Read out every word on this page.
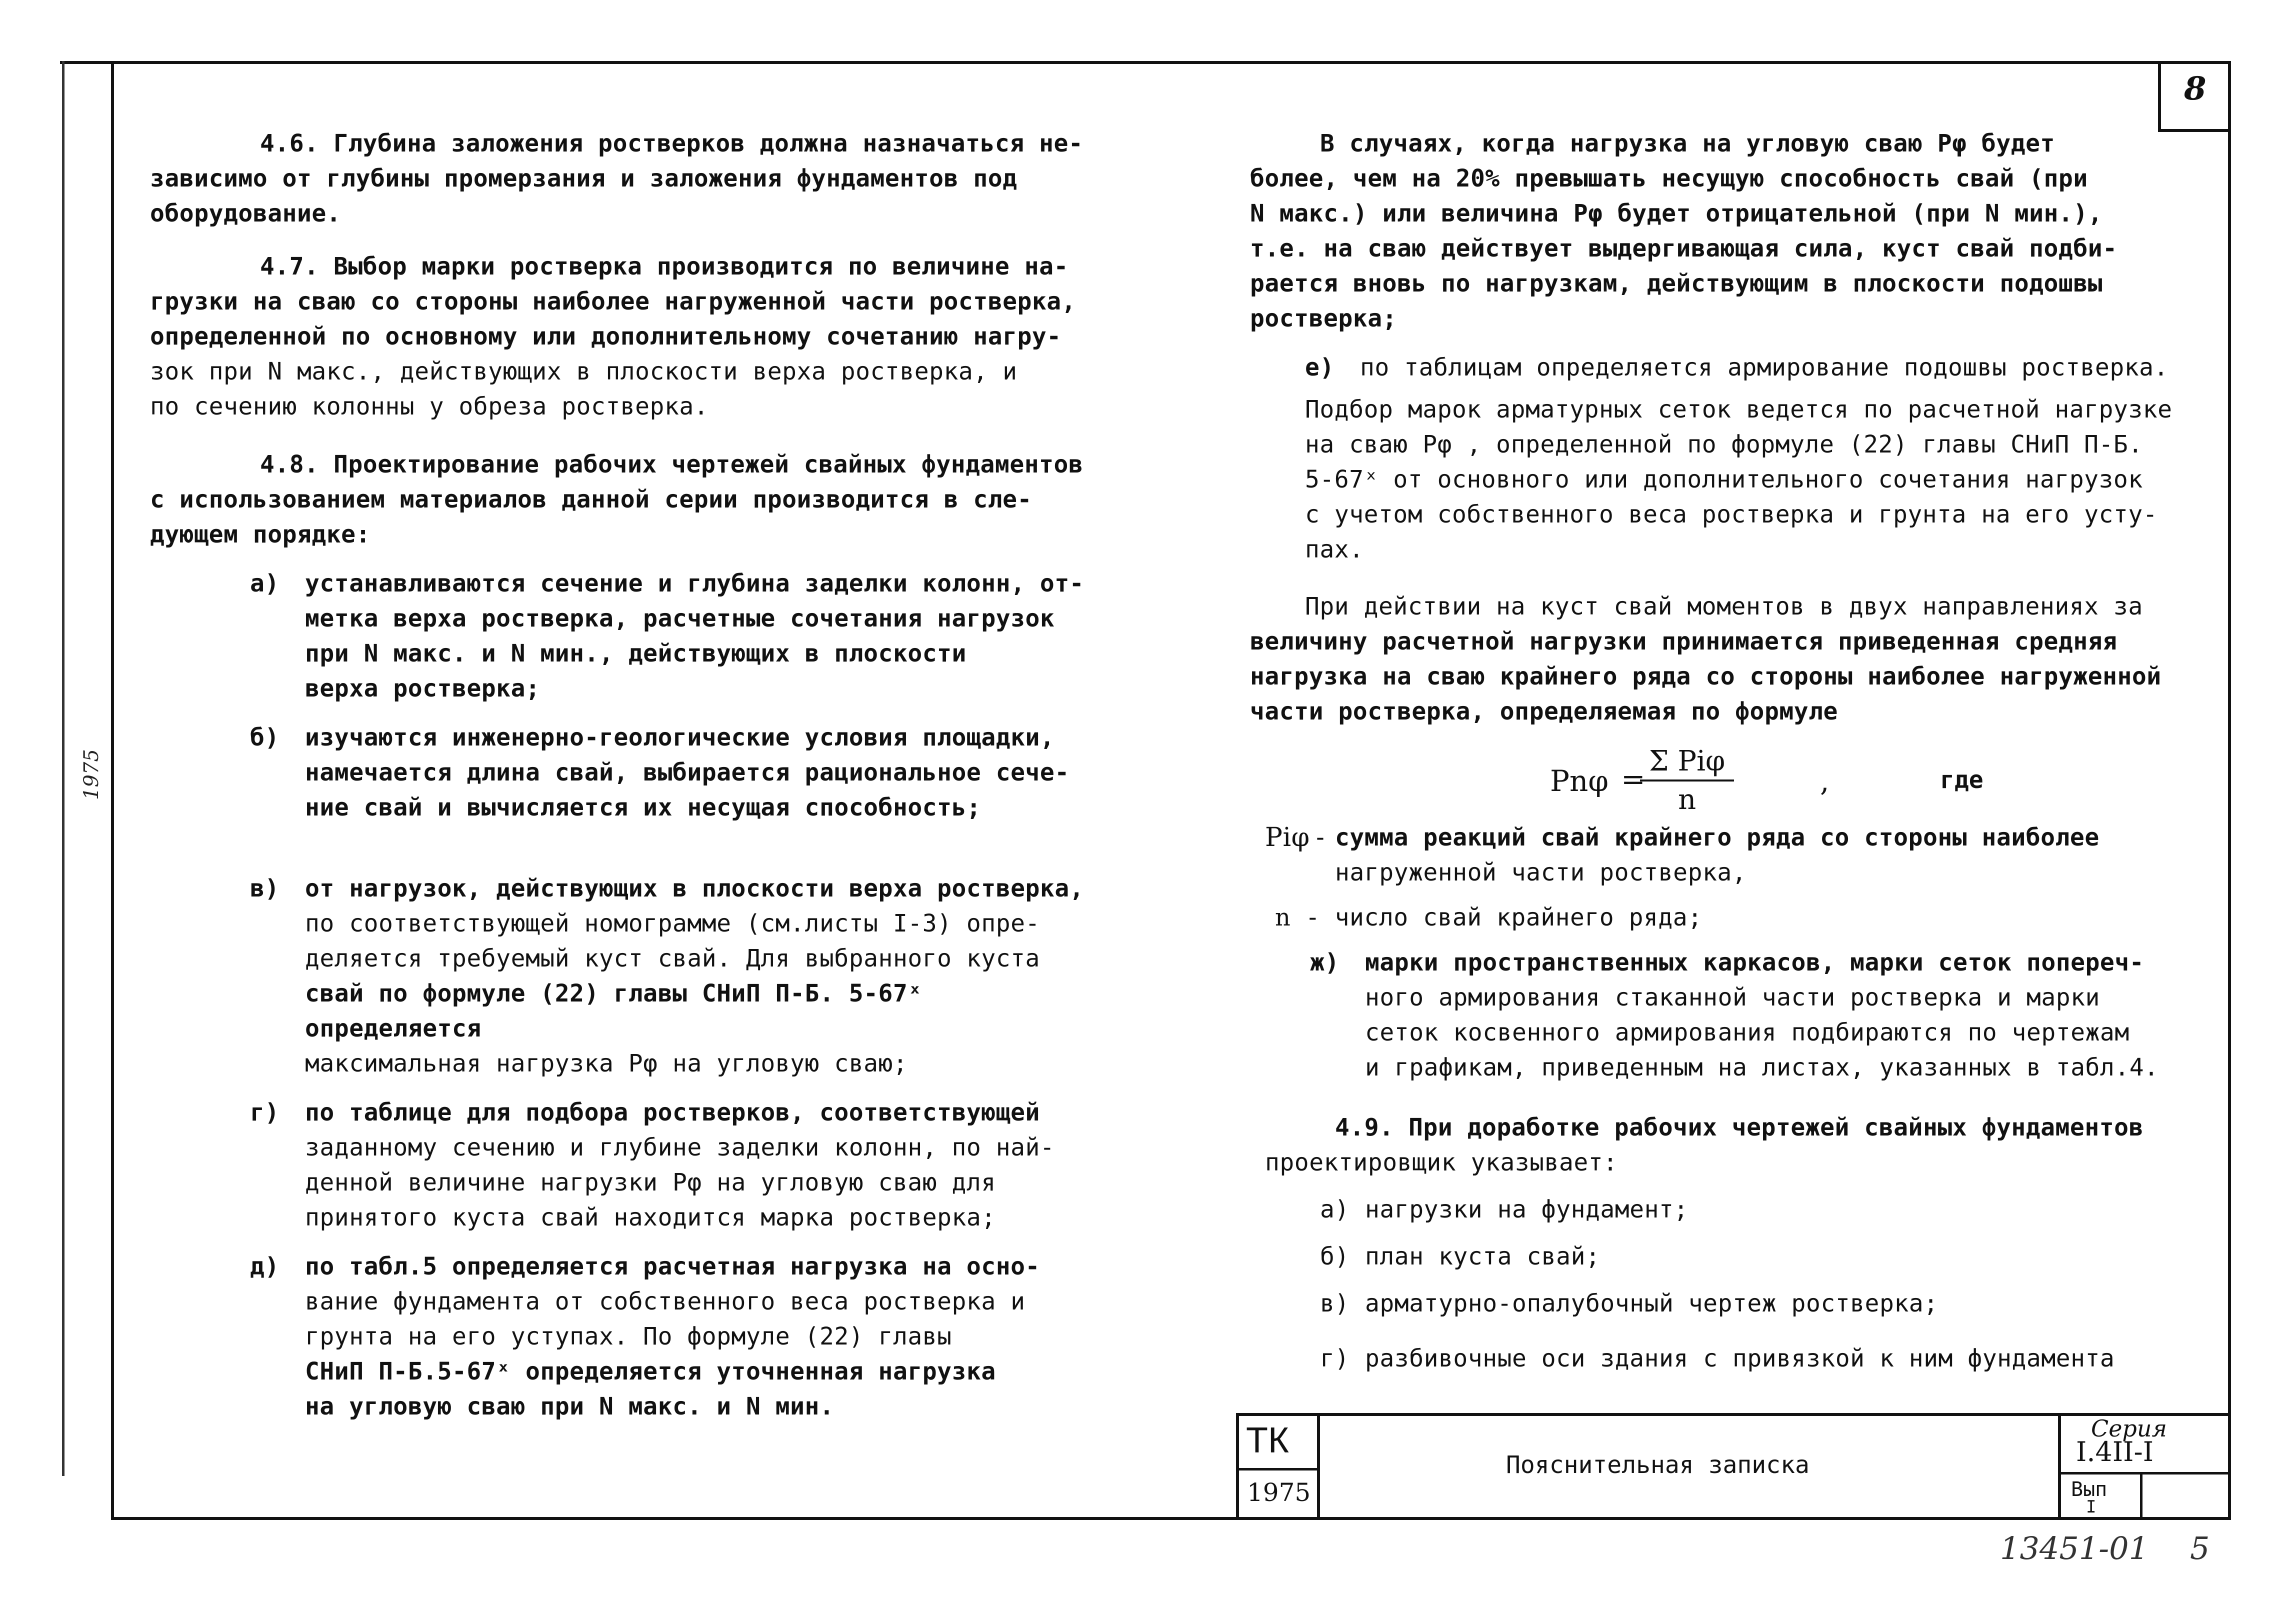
8
1975

4.6. Глубина заложения ростверков должна назначаться не-
зависимо от глубины промерзания и заложения фундаментов под
оборудование.

4.7. Выбор марки ростверка производится по величине на-
грузки на сваю со стороны наиболее нагруженной части ростверка,
определенной по основному или дополнительному сочетанию нагру-
зок при N макс., действующих в плоскости верха ростверка, и
по сечению колонны у обреза ростверка.

4.8. Проектирование рабочих чертежей свайных фундаментов
с использованием материалов данной серии производится в сле-
дующем порядке:

а) устанавливаются сечение и глубина заделки колонн, от-
метка верха ростверка, расчетные сочетания нагрузок
при N макс. и N мин., действующих в плоскости
верха ростверка;

б) изучаются инженерно-геологические условия площадки,
намечается длина свай, выбирается рациональное сече-
ние свай и вычисляется их несущая способность;

в) от нагрузок, действующих в плоскости верха ростверка,
по соответствующей номограмме (см.листы I-3) опре-
деляется требуемый куст свай. Для выбранного куста
свай по формуле (22) главы СНиП П-Б. 5-67ˣ определяется
максимальная нагрузка Pφ на угловую сваю;

г) по таблице для подбора ростверков, соответствующей
заданному сечению и глубине заделки колонн, по най-
денной величине нагрузки Pφ на угловую сваю для
принятого куста свай находится марка ростверка;

д) по табл.5 определяется расчетная нагрузка на осно-
вание фундамента от собственного веса ростверка и
грунта на его уступах. По формуле (22) главы
СНиП П-Б.5-67ˣ определяется уточненная нагрузка
на угловую сваю при N макс. и N мин.

В случаях, когда нагрузка на угловую сваю Pφ будет
более, чем на 20% превышать несущую способность свай (при
N макс.) или величина Pφ будет отрицательной (при N мин.),
т.е. на сваю действует выдергивающая сила, куст свай подби-
рается вновь по нагрузкам, действующим в плоскости подошвы
ростверка;

е) по таблицам определяется армирование подошвы ростверка.

Подбор марок арматурных сеток ведется по расчетной нагрузке
на сваю Pφ , определенной по формуле (22) главы СНиП П-Б.
5-67ˣ от основного или дополнительного сочетания нагрузок
с учетом собственного веса ростверка и грунта на его усту-
пах.

При действии на куст свай моментов в двух направлениях за
величину расчетной нагрузки принимается приведенная средняя
нагрузка на сваю крайнего ряда со стороны наиболее нагруженной
части ростверка, определяемая по формуле

Pnφ =
Σ Piφ
n
,	где

Piφ - сумма реакций свай крайнего ряда со стороны наиболее
нагруженной части ростверка,

n - число свай крайнего ряда;

ж) марки пространственных каркасов, марки сеток попереч-
ного армирования стаканной части ростверка и марки
сеток косвенного армирования подбираются по чертежам
и графикам, приведенным на листах, указанных в табл.4.

4.9. При доработке рабочих чертежей свайных фундаментов
проектировщик указывает:

а) нагрузки на фундамент;

б) план куста свай;

в) арматурно-опалубочный чертеж ростверка;

г) разбивочные оси здания с привязкой к ним фундамента

ТК
1975
Пояснительная записка
Серия
I.4II-I
Вып
I
13451-01 5
